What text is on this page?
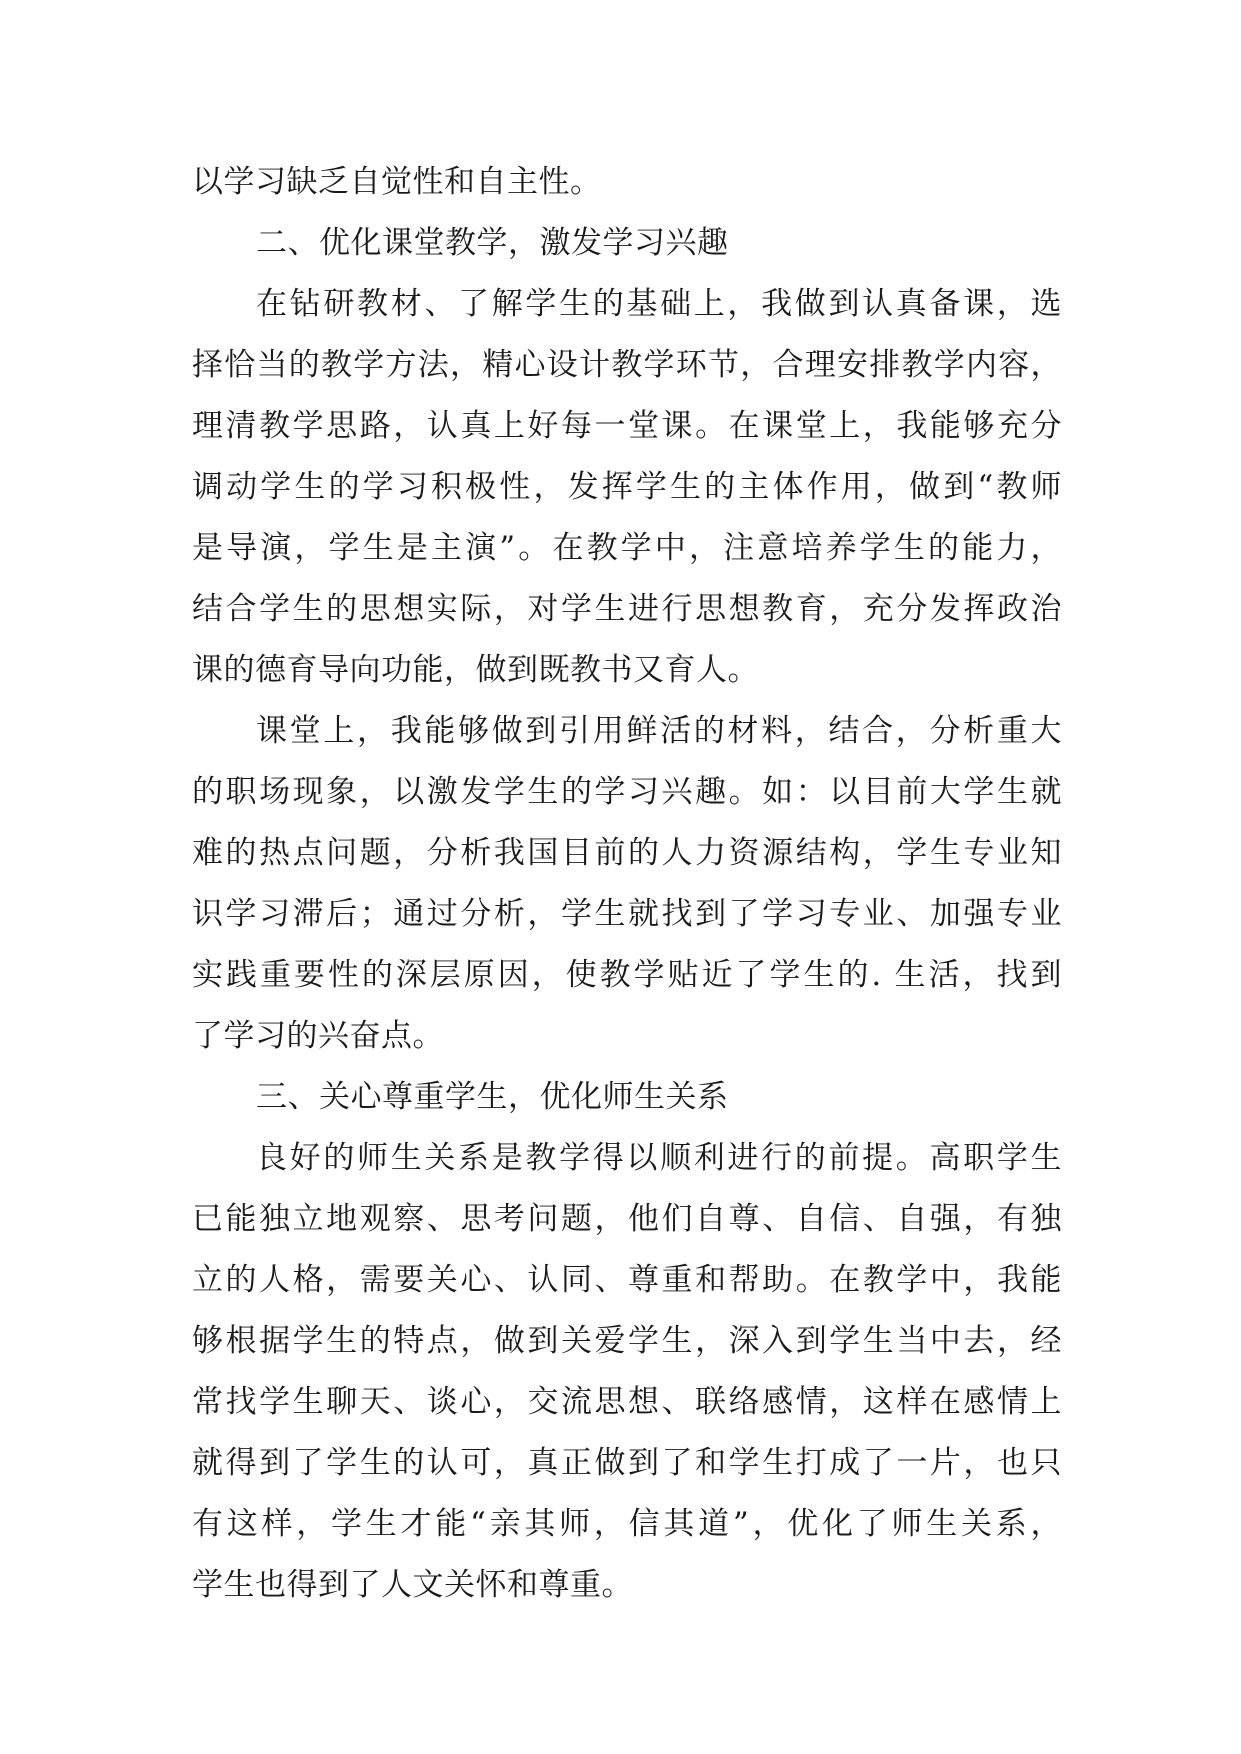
以学习缺乏自觉性和自主性。
二、优化课堂教学，激发学习兴趣
在钻研教材、了解学生的基础上，我做到认真备课，选
择恰当的教学方法，精心设计教学环节，合理安排教学内容，
理清教学思路，认真上好每一堂课。在课堂上，我能够充分
调动学生的学习积极性，发挥学生的主体作用，做到“教师
是导演，学生是主演”。在教学中，注意培养学生的能力，
结合学生的思想实际，对学生进行思想教育，充分发挥政治
课的德育导向功能，做到既教书又育人。
课堂上，我能够做到引用鲜活的材料，结合，分析重大
的职场现象，以激发学生的学习兴趣。如：以目前大学生就
难的热点问题，分析我国目前的人力资源结构，学生专业知
识学习滞后；通过分析，学生就找到了学习专业、加强专业
实践重要性的深层原因，使教学贴近了学生的. 生活，找到
了学习的兴奋点。
三、关心尊重学生，优化师生关系
良好的师生关系是教学得以顺利进行的前提。高职学生
已能独立地观察、思考问题，他们自尊、自信、自强，有独
立的人格，需要关心、认同、尊重和帮助。在教学中，我能
够根据学生的特点，做到关爱学生，深入到学生当中去，经
常找学生聊天、谈心，交流思想、联络感情，这样在感情上
就得到了学生的认可，真正做到了和学生打成了一片，也只
有这样，学生才能“亲其师，信其道”，优化了师生关系，
学生也得到了人文关怀和尊重。
